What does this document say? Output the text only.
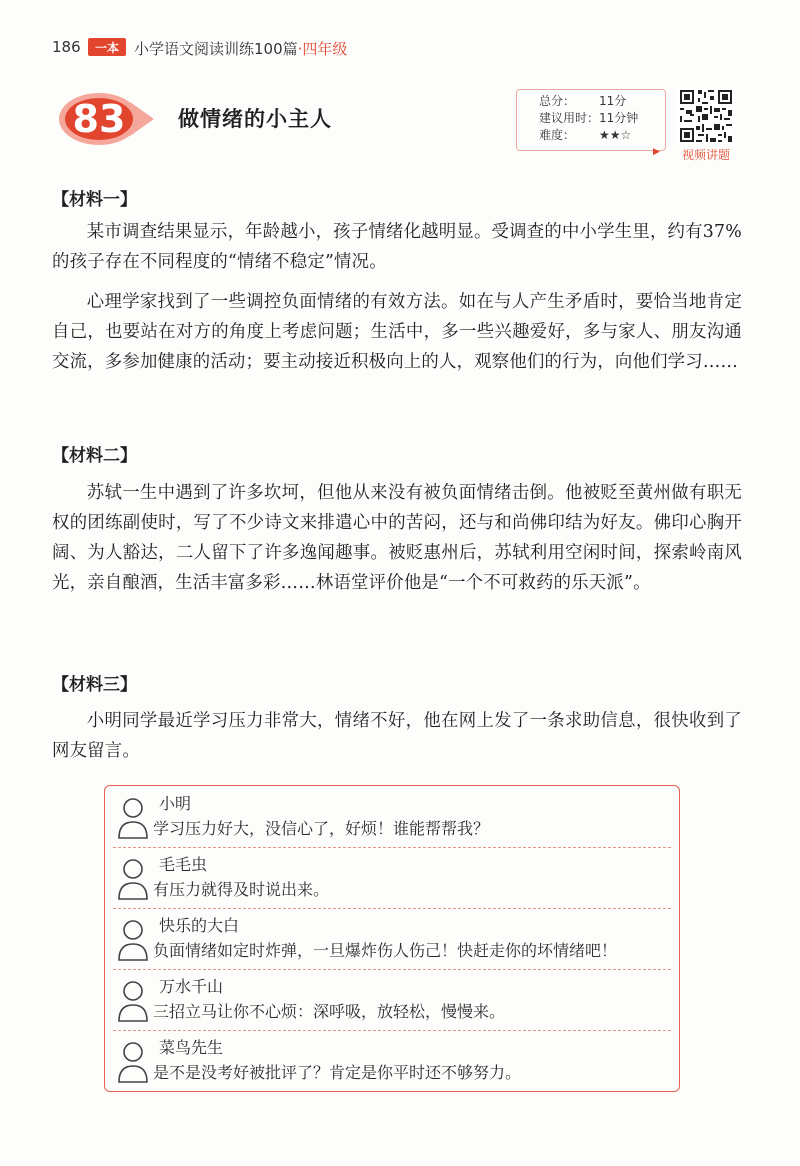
186	一本	小学语文阅读训练100篇·四年级
83	做情绪的小主人
总分：	11分
建议用时： 11分钟
难度：	★★☆
▶	视频讲题
【材料一】
某市调查结果显示，年龄越小，孩子情绪化越明显。受调查的中小学生里，约有37%的孩子存在不同程度的“情绪不稳定”情况。
心理学家找到了一些调控负面情绪的有效方法。如在与人产生矛盾时，要恰当地肯定自己，也要站在对方的角度上考虑问题；生活中，多一些兴趣爱好，多与家人、朋友沟通交流，多参加健康的活动；要主动接近积极向上的人，观察他们的行为，向他们学习……
【材料二】
苏轼一生中遇到了许多坎坷，但他从来没有被负面情绪击倒。他被贬至黄州做有职无权的团练副使时，写了不少诗文来排遣心中的苦闷，还与和尚佛印结为好友。佛印心胸开阔、为人豁达，二人留下了许多逸闻趣事。被贬惠州后，苏轼利用空闲时间，探索岭南风光，亲自酿酒，生活丰富多彩……林语堂评价他是“一个不可救药的乐天派”。
【材料三】
小明同学最近学习压力非常大，情绪不好，他在网上发了一条求助信息，很快收到了网友留言。
小明
学习压力好大，没信心了，好烦！谁能帮帮我？
毛毛虫
有压力就得及时说出来。
快乐的大白
负面情绪如定时炸弹，一旦爆炸伤人伤己！快赶走你的坏情绪吧！
万水千山
三招立马让你不心烦：深呼吸，放轻松，慢慢来。
菜鸟先生
是不是没考好被批评了？肯定是你平时还不够努力。
